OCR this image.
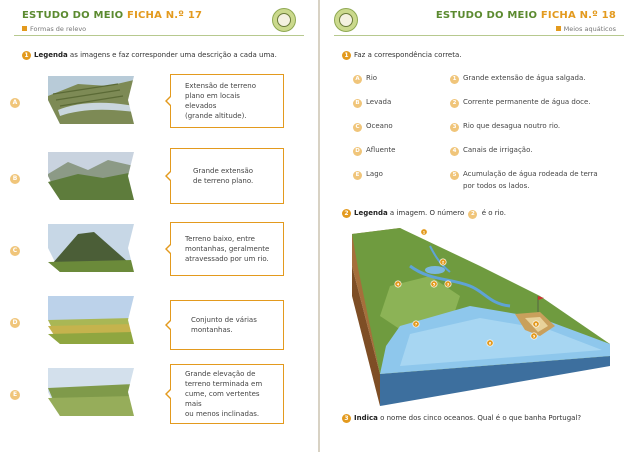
ESTUDO DO MEIO FICHA N.º 17
Formas de relevo
1 Legenda as imagens e faz corresponder uma descrição a cada uma.
A
Extensão de terreno
plano em locais elevados
(grande altitude).
B
Grande extensão
de terreno plano.
C
Terreno baixo, entre
montanhas, geralmente
atravessado por um rio.
D	Conjunto de várias
montanhas.
E
Grande elevação de
terreno terminada em
cume, com vertentes mais
ou menos inclinadas.
ESTUDO DO MEIO FICHA N.º 18
Meios aquáticos
1 Faz a correspondência correta.
A Rio
B Levada
C Oceano
D Afluente
E Lago
1 Grande extensão de água salgada.
2 Corrente permanente de água doce.
3 Rio que desagua noutro rio.
4 Canais de irrigação.
5 Acumulação de água rodeada de terra
por todos os lados.
2 Legenda a imagem. O número 2 é o rio.
1
2
3
4	5
6
7	8
9
3 Indica o nome dos cinco oceanos. Qual é o que banha Portugal?
